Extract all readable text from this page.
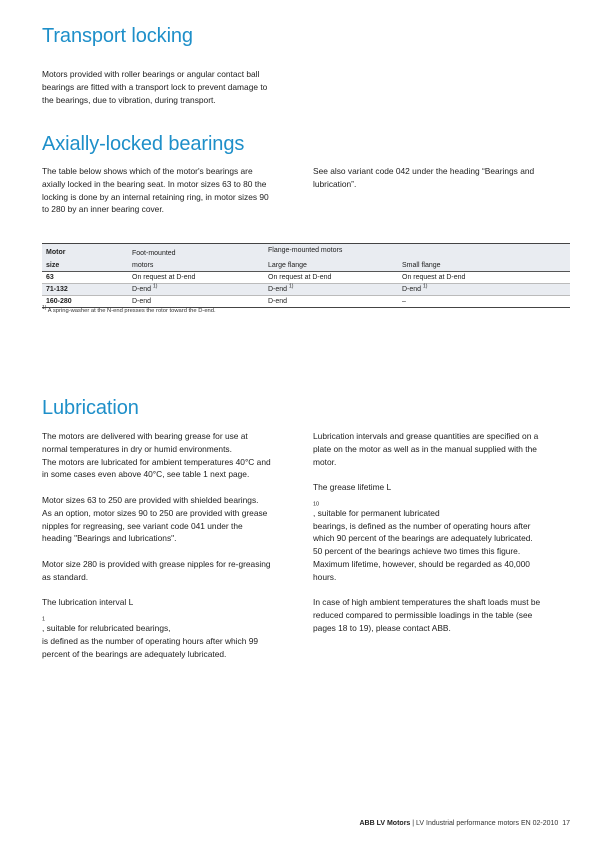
Transport locking
Motors provided with roller bearings or angular contact ball
bearings are fitted with a transport lock to prevent damage to
the bearings, due to vibration, during transport.
Axially-locked bearings
The table below shows which of the motor's bearings are
axially locked in the bearing seat. In motor sizes 63 to 80 the
locking is done by an internal retaining ring, in motor sizes 90
to 280 by an inner bearing cover.
See also variant code 042 under the heading “Bearings and
lubrication”.
Motor	Foot-mounted	Flange-mounted motors	
size	motors	Large flange	Small flange
63	On request at D-end	On request at D-end	On request at D-end
71-132	D-end $^{1)}$	D-end $^{1)}$	D-end $^{1)}$
160-280	D-end	D-end	–
$^{1)}$ A spring-washer at the N-end presses the rotor toward the D-end.
Lubrication
The motors are delivered with bearing grease for use at
normal temperatures in dry or humid environments.
The motors are lubricated for ambient temperatures 40°C and
in some cases even above 40°C, see table 1 next page.
Motor sizes 63 to 250 are provided with shielded bearings.
As an option, motor sizes 90 to 250 are provided with grease
nipples for regreasing, see variant code 041 under the
heading "Bearings and lubrications".
Motor size 280 is provided with grease nipples for re-greasing
as standard.
The lubrication interval L
$_1$
, suitable for relubricated bearings,
is defined as the number of operating hours after which 99
percent of the bearings are adequately lubricated.
Lubrication intervals and grease quantities are specified on a
plate on the motor as well as in the manual supplied with the
motor.
The grease lifetime L
$_{10}$
, suitable for permanent lubricated
bearings, is defined as the number of operating hours after
which 90 percent of the bearings are adequately lubricated.
50 percent of the bearings achieve two times this figure.
Maximum lifetime, however, should be regarded as 40,000
hours.
In case of high ambient temperatures the shaft loads must be
reduced compared to permissible loadings in the table (see
pages 18 to 19), please contact ABB.
ABB LV Motors | LV Industrial performance motors EN 02-2010 17
